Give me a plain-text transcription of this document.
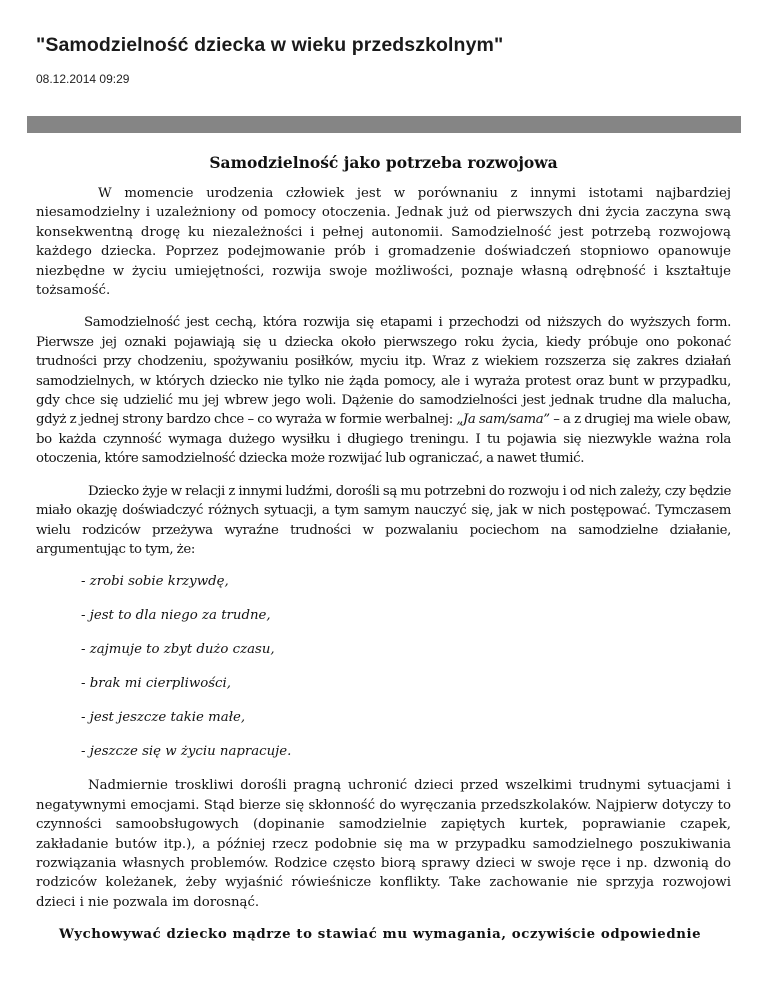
"Samodzielność dziecka w wieku przedszkolnym"
08.12.2014 09:29
Samodzielność jako potrzeba rozwojowa

W momencie urodzenia człowiek jest w porównaniu z innymi istotami najbardziej niesamodzielny i uzależniony od pomocy otoczenia. Jednak już od pierwszych dni życia zaczyna swą konsekwentną drogę ku niezależności i pełnej autonomii. Samodzielność jest potrzebą rozwojową każdego dziecka. Poprzez podejmowanie prób i gromadzenie doświadczeń stopniowo opanowuje niezbędne w życiu umiejętności, rozwija swoje możliwości, poznaje własną odrębność i kształtuje tożsamość.

Samodzielność jest cechą, która rozwija się etapami i przechodzi od niższych do wyższych form. Pierwsze jej oznaki pojawiają się u dziecka około pierwszego roku życia, kiedy próbuje ono pokonać trudności przy chodzeniu, spożywaniu posiłków, myciu itp. Wraz z wiekiem rozszerza się zakres działań samodzielnych, w których dziecko nie tylko nie żąda pomocy, ale i wyraża protest oraz bunt w przypadku, gdy chce się udzielić mu jej wbrew jego woli. Dążenie do samodzielności jest jednak trudne dla malucha, gdyż z jednej strony bardzo chce – co wyraża w formie werbalnej: „Ja sam/sama” – a z drugiej ma wiele obaw, bo każda czynność wymaga dużego wysiłku i długiego treningu. I tu pojawia się niezwykle ważna rola otoczenia, które samodzielność dziecka może rozwijać lub ograniczać, a nawet tłumić.

Dziecko żyje w relacji z innymi ludźmi, dorośli są mu potrzebni do rozwoju i od nich zależy, czy będzie miało okazję doświadczyć różnych sytuacji, a tym samym nauczyć się, jak w nich postępować. Tymczasem wielu rodziców przeżywa wyraźne trudności w pozwalaniu pociechom na samodzielne działanie, argumentując to tym, że:

- zrobi sobie krzywdę,
- jest to dla niego za trudne,
- zajmuje to zbyt dużo czasu,
- brak mi cierpliwości,
- jest jeszcze takie małe,
- jeszcze się w życiu napracuje.

Nadmiernie troskliwi dorośli pragną uchronić dzieci przed wszelkimi trudnymi sytuacjami i negatywnymi emocjami. Stąd bierze się skłonność do wyręczania przedszkolaków. Najpierw dotyczy to czynności samoobsługowych (dopinanie samodzielnie zapiętych kurtek, poprawianie czapek, zakładanie butów itp.), a później rzecz podobnie się ma w przypadku samodzielnego poszukiwania rozwiązania własnych problemów. Rodzice często biorą sprawy dzieci w swoje ręce i np. dzwonią do rodziców koleżanek, żeby wyjaśnić rówieśnicze konflikty. Take zachowanie nie sprzyja rozwojowi dzieci i nie pozwala im dorosnąć.

Wychowywać dziecko mądrze to stawiać mu wymagania, oczywiście odpowiednie
